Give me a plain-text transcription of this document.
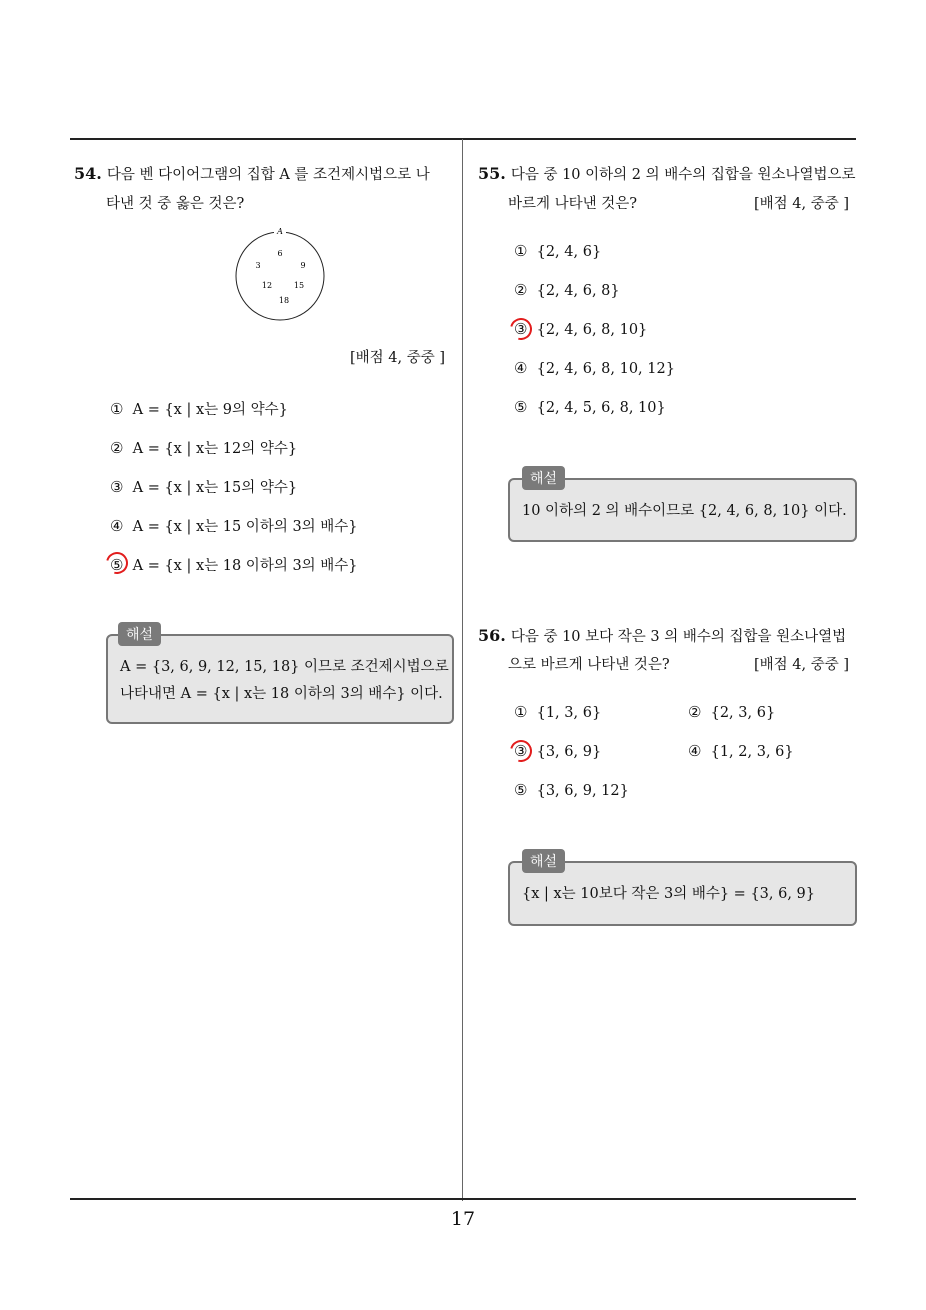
54. 다음 벤 다이어그램의 집합 A 를 조건제시법으로 나
타낸 것 중 옳은 것은?
A
6
3	9
12	15
18
[배점 4, 중중 ]
① A = {x | x는 9의 약수}
② A = {x | x는 12의 약수}
③ A = {x | x는 15의 약수}
④ A = {x | x는 15 이하의 3의 배수}
⑤ A = {x | x는 18 이하의 3의 배수}
A = {3, 6, 9, 12, 15, 18} 이므로 조건제시법으로
나타내면 A = {x | x는 18 이하의 3의 배수} 이다.
해설
55. 다음 중 10 이하의 2 의 배수의 집합을 원소나열법으로
바르게 나타낸 것은?	[배점 4, 중중 ]
① {2, 4, 6}
② {2, 4, 6, 8}
③ {2, 4, 6, 8, 10}
④ {2, 4, 6, 8, 10, 12}
⑤ {2, 4, 5, 6, 8, 10}
10 이하의 2 의 배수이므로 {2, 4, 6, 8, 10} 이다.
해설
56. 다음 중 10 보다 작은 3 의 배수의 집합을 원소나열법
으로 바르게 나타낸 것은?	[배점 4, 중중 ]
① {1, 3, 6}	② {2, 3, 6}
③ {3, 6, 9}	④ {1, 2, 3, 6}
⑤ {3, 6, 9, 12}
{x | x는 10보다 작은 3의 배수} = {3, 6, 9}
해설
17
